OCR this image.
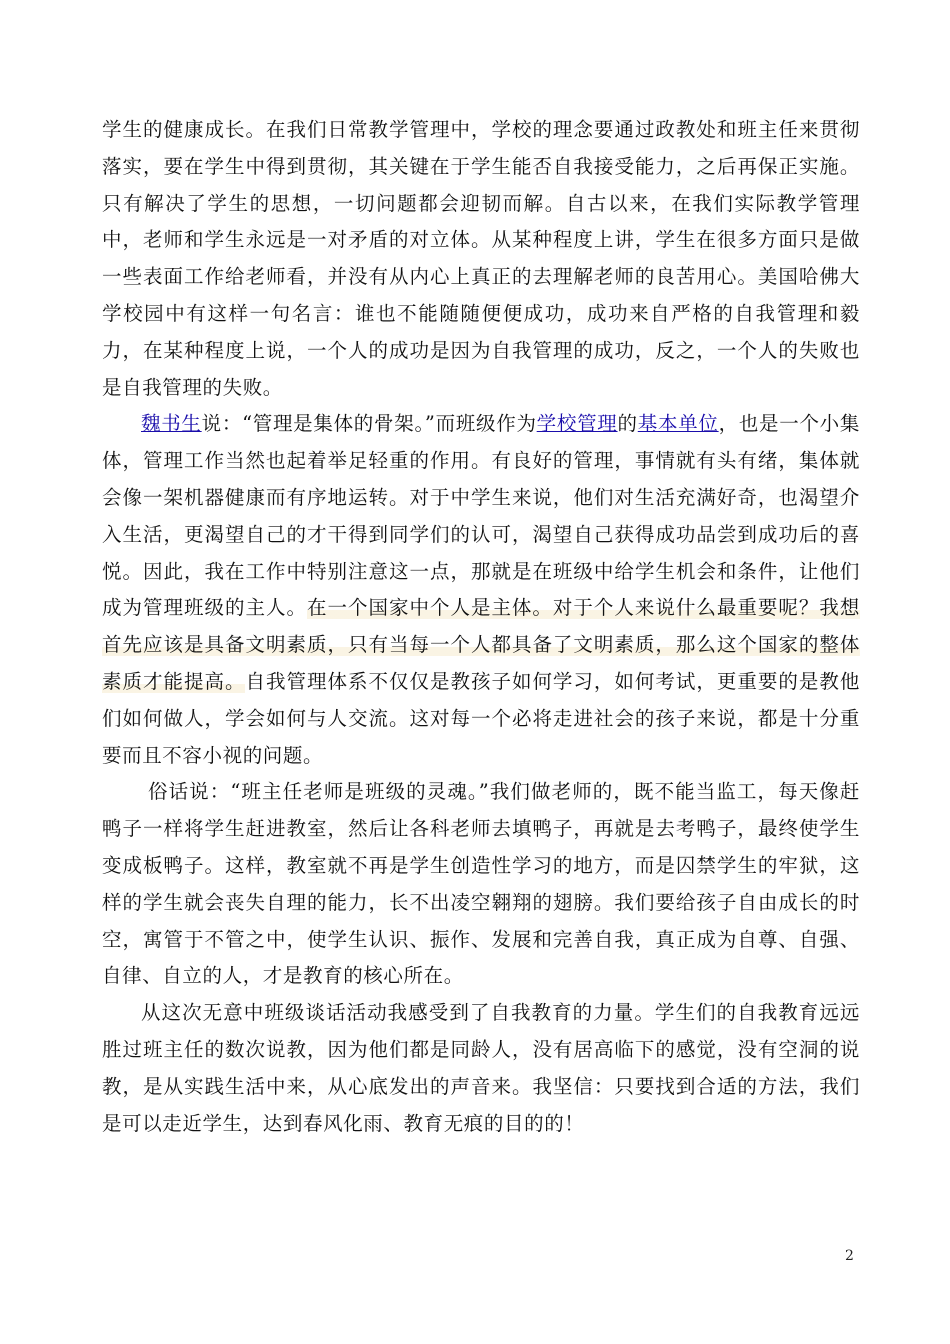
学生的健康成长。在我们日常教学管理中，学校的理念要通过政教处和班主任来贯彻落实，要在学生中得到贯彻，其关键在于学生能否自我接受能力，之后再保正实施。只有解决了学生的思想，一切问题都会迎韧而解。自古以来，在我们实际教学管理中，老师和学生永远是一对矛盾的对立体。从某种程度上讲，学生在很多方面只是做一些表面工作给老师看，并没有从内心上真正的去理解老师的良苦用心。美国哈佛大学校园中有这样一句名言：谁也不能随随便便成功，成功来自严格的自我管理和毅力，在某种程度上说，一个人的成功是因为自我管理的成功，反之，一个人的失败也是自我管理的失败。

魏书生说：“管理是集体的骨架。”而班级作为学校管理的基本单位，也是一个小集体，管理工作当然也起着举足轻重的作用。有良好的管理，事情就有头有绪，集体就会像一架机器健康而有序地运转。对于中学生来说，他们对生活充满好奇，也渴望介入生活，更渴望自己的才干得到同学们的认可，渴望自己获得成功品尝到成功后的喜悦。因此，我在工作中特别注意这一点，那就是在班级中给学生机会和条件，让他们成为管理班级的主人。在一个国家中个人是主体。对于个人来说什么最重要呢？我想首先应该是具备文明素质，只有当每一个人都具备了文明素质，那么这个国家的整体素质才能提高。自我管理体系不仅仅是教孩子如何学习，如何考试，更重要的是教他们如何做人，学会如何与人交流。这对每一个必将走进社会的孩子来说，都是十分重要而且不容小视的问题。

俗话说：“班主任老师是班级的灵魂。”我们做老师的，既不能当监工，每天像赶鸭子一样将学生赶进教室，然后让各科老师去填鸭子，再就是去考鸭子，最终使学生变成板鸭子。这样，教室就不再是学生创造性学习的地方，而是囚禁学生的牢狱，这样的学生就会丧失自理的能力，长不出凌空翱翔的翅膀。我们要给孩子自由成长的时空，寓管于不管之中，使学生认识、振作、发展和完善自我，真正成为自尊、自强、自律、自立的人，才是教育的核心所在。

从这次无意中班级谈话活动我感受到了自我教育的力量。学生们的自我教育远远胜过班主任的数次说教，因为他们都是同龄人，没有居高临下的感觉，没有空洞的说教，是从实践生活中来，从心底发出的声音来。我坚信：只要找到合适的方法，我们是可以走近学生，达到春风化雨、教育无痕的目的的！

2
